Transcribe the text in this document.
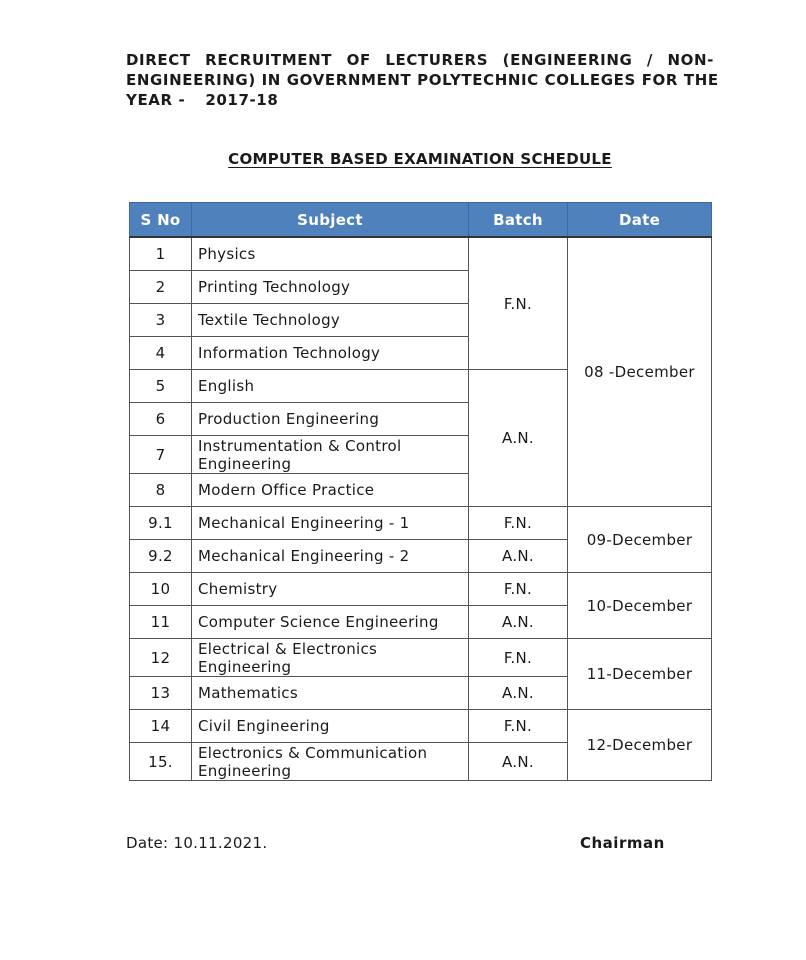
DIRECT RECRUITMENT OF LECTURERS (ENGINEERING / NON-
ENGINEERING) IN GOVERNMENT POLYTECHNIC COLLEGES FOR THE
YEAR - 2017-18
COMPUTER BASED EXAMINATION SCHEDULE
S No	Subject	Batch	Date
1	Physics	F.N.	08 -December
2	Printing Technology		
3	Textile Technology		
4	Information Technology		
5	English	A.N.	
6	Production Engineering		
7	Instrumentation & Control Engineering		
8	Modern Office Practice		
9.1	Mechanical Engineering - 1	F.N.	09-December
9.2	Mechanical Engineering - 2	A.N.	
10	Chemistry	F.N.	10-December
11	Computer Science Engineering	A.N.	
12	Electrical & Electronics Engineering	F.N.	11-December
13	Mathematics	A.N.	
14	Civil Engineering	F.N.	12-December
15.	Electronics & Communication Engineering	A.N.	
Date: 10.11.2021.	Chairman
